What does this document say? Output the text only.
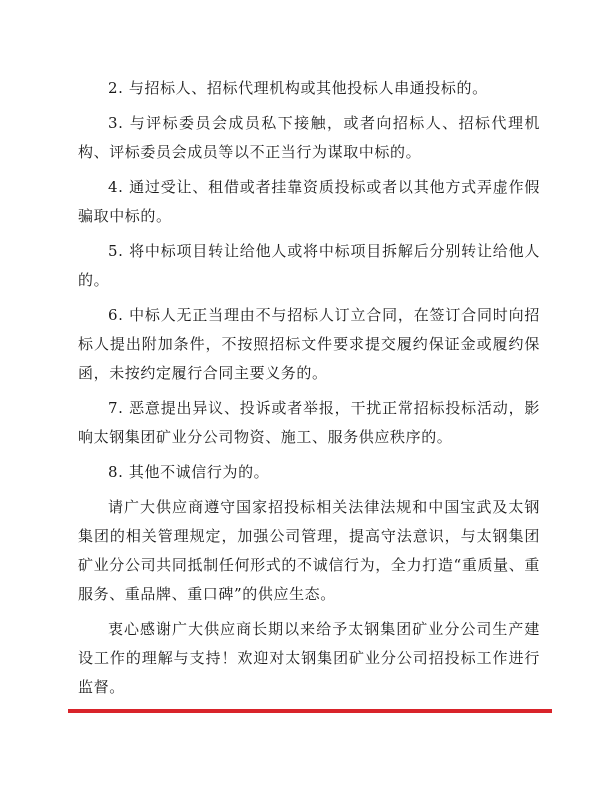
2. 与招标人、招标代理机构或其他投标人串通投标的。

3. 与评标委员会成员私下接触，或者向招标人、招标代理机构、评标委员会成员等以不正当行为谋取中标的。

4. 通过受让、租借或者挂靠资质投标或者以其他方式弄虚作假骗取中标的。

5. 将中标项目转让给他人或将中标项目拆解后分别转让给他人的。

6. 中标人无正当理由不与招标人订立合同，在签订合同时向招标人提出附加条件，不按照招标文件要求提交履约保证金或履约保函，未按约定履行合同主要义务的。

7. 恶意提出异议、投诉或者举报，干扰正常招标投标活动，影响太钢集团矿业分公司物资、施工、服务供应秩序的。

8. 其他不诚信行为的。

请广大供应商遵守国家招投标相关法律法规和中国宝武及太钢集团的相关管理规定，加强公司管理，提高守法意识，与太钢集团矿业分公司共同抵制任何形式的不诚信行为，全力打造“重质量、重服务、重品牌、重口碑”的供应生态。

衷心感谢广大供应商长期以来给予太钢集团矿业分公司生产建设工作的理解与支持！欢迎对太钢集团矿业分公司招投标工作进行监督。
